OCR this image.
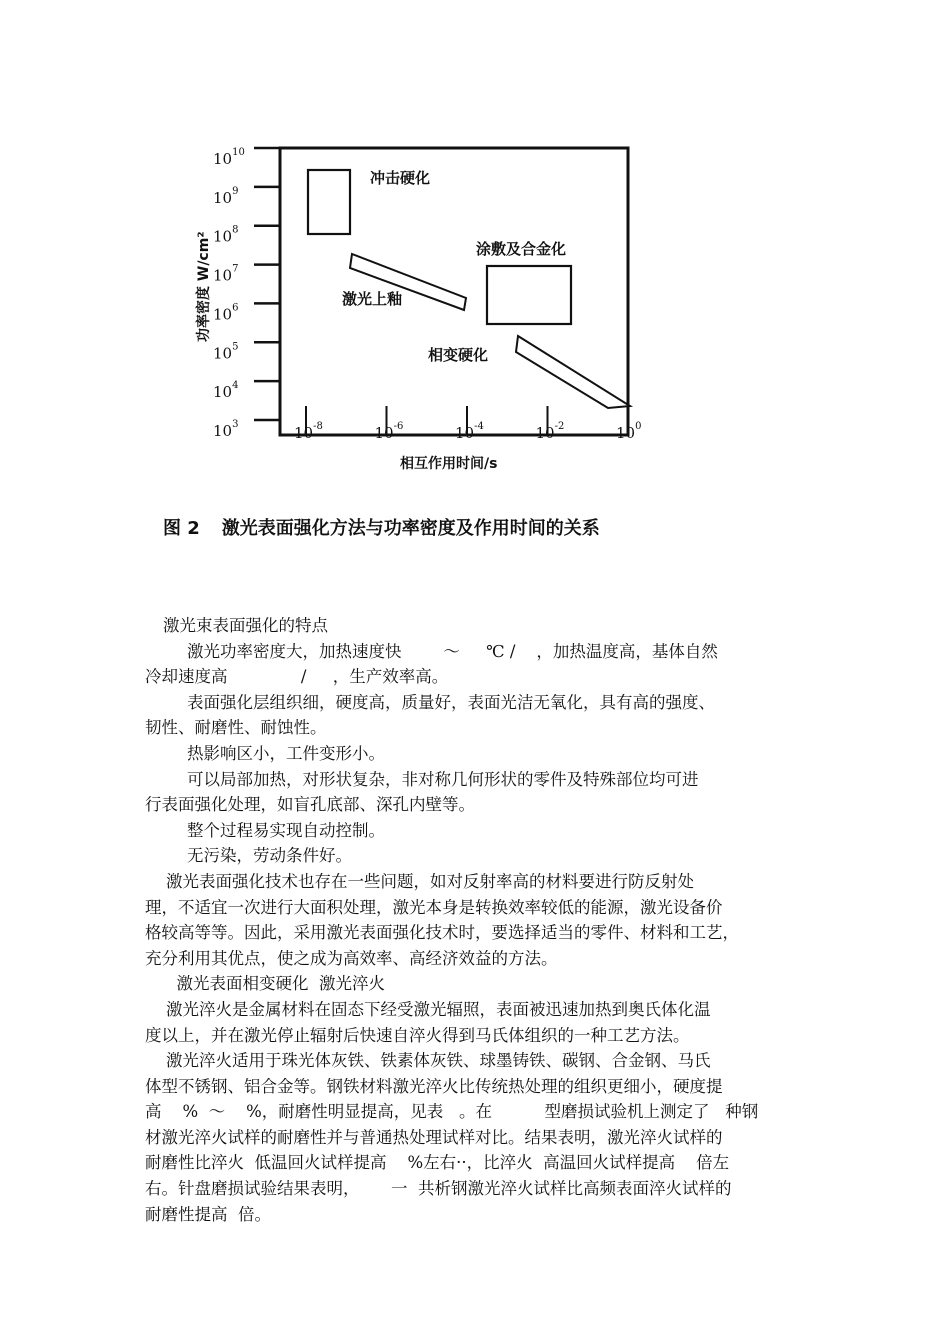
$10^{10}$
$10^9$
$10^8$
$10^7$
$10^6$
$10^5$
$10^4$
$10^3$	$10^{-8}$	$10^{-6}$	$10^{-4}$	$10^{-2}$	$10^0$
冲击硬化
涂敷及合金化
激光上釉
相变硬化
功率密度 W/cm²
相互作用时间/s
图 2 激光表面强化方法与功率密度及作用时间的关系
激光束表面强化的特点
激光功率密度大，加热速度快        ～     ℃ /    ，加热温度高，基体自然
冷却速度高              /     ，生产效率高。
表面强化层组织细，硬度高，质量好，表面光洁无氧化，具有高的强度、
韧性、耐磨性、耐蚀性。
热影响区小，工件变形小。
可以局部加热，对形状复杂，非对称几何形状的零件及特殊部位均可进
行表面强化处理，如盲孔底部、深孔内壁等。
整个过程易实现自动控制。
无污染，劳动条件好。
激光表面强化技术也存在一些问题，如对反射率高的材料要进行防反射处
理，不适宜一次进行大面积处理，激光本身是转换效率较低的能源，激光设备价
格较高等等。因此，采用激光表面强化技术时，要选择适当的零件、材料和工艺，
充分利用其优点，使之成为高效率、高经济效益的方法。
激光表面相变硬化  激光淬火
激光淬火是金属材料在固态下经受激光辐照，表面被迅速加热到奥氏体化温
度以上，并在激光停止辐射后快速自淬火得到马氏体组织的一种工艺方法。
激光淬火适用于珠光体灰铁、铁素体灰铁、球墨铸铁、碳钢、合金钢、马氏
体型不锈钢、铝合金等。钢铁材料激光淬火比传统热处理的组织更细小，硬度提
高    %  ～    %，耐磨性明显提高，见表   。在          型磨损试验机上测定了   种钢
材激光淬火试样的耐磨性并与普通热处理试样对比。结果表明，激光淬火试样的
耐磨性比淬火  低温回火试样提高    %左右··，比淬火  高温回火试样提高    倍左
右。针盘磨损试验结果表明，      一  共析钢激光淬火试样比高频表面淬火试样的
耐磨性提高  倍。
